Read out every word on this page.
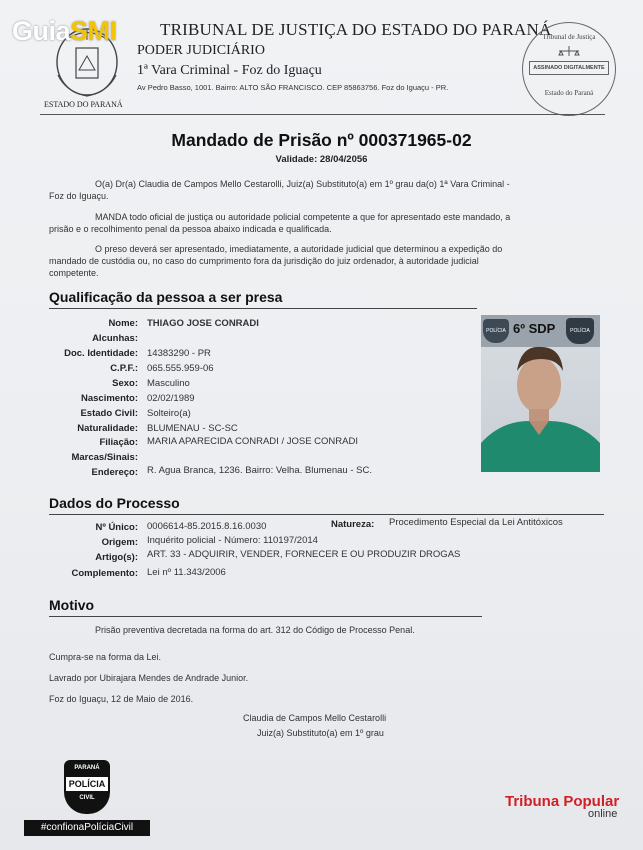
GuiaSMI	TRIBUNAL DE JUSTIÇA DO ESTADO DO PARANÁ
PODER JUDICIÁRIO
1ª Vara Criminal - Foz do Iguaçu
Av Pedro Basso, 1001. Bairro: ALTO SÃO FRANCISCO. CEP 85863756. Foz do Iguaçu - PR.
ESTADO DO PARANÁ
Tribunal de Justiça
ASSINADO DIGITALMENTE
Estado do Paraná
Mandado de Prisão nº 000371965-02
Validade: 28/04/2056
O(a) Dr(a) Claudia de Campos Mello Cestarolli, Juiz(a) Substituto(a) em 1º grau da(o) 1ª Vara Criminal -
Foz do Iguaçu.
MANDA todo oficial de justiça ou autoridade policial competente a que for apresentado este mandado, a
prisão e o recolhimento penal da pessoa abaixo indicada e qualificada.
O preso deverá ser apresentado, imediatamente, a autoridade judicial que determinou a expedição do
mandado de custódia ou, no caso do cumprimento fora da jurisdição do juiz ordenador, à autoridade judicial
competente.
Qualificação da pessoa a ser presa
Nome: THIAGO JOSE CONRADI
Alcunhas:
Doc. Identidade: 14383290 - PR
C.P.F.: 065.555.959-06
Sexo: Masculino
Nascimento: 02/02/1989
Estado Civil: Solteiro(a)
Naturalidade: BLUMENAU - SC-SC
Filiação: MARIA APARECIDA CONRADI / JOSE CONRADI
Marcas/Sinais:
Endereço: R. Agua Branca, 1236. Bairro: Velha. Blumenau - SC.
POLÍCIA 6º SDP	POLÍCIA
Dados do Processo
Nº Único: 0006614-85.2015.8.16.0030	Natureza: Procedimento Especial da Lei Antitóxicos
Origem: Inquérito policial - Número: 110197/2014
Artigo(s): ART. 33 - ADQUIRIR, VENDER, FORNECER E OU PRODUZIR DROGAS
Complemento: Lei nº 11.343/2006
Motivo
Prisão preventiva decretada na forma do art. 312 do Código de Processo Penal.
Cumpra-se na forma da Lei.
Lavrado por Ubirajara Mendes de Andrade Junior.
Foz do Iguaçu, 12 de Maio de 2016.
Claudia de Campos Mello Cestarolli
Juiz(a) Substituto(a) em 1º grau
PARANÁ
POLÍCIA
CIVIL
#confionaPolíciaCivil
Tribuna Popular
online
